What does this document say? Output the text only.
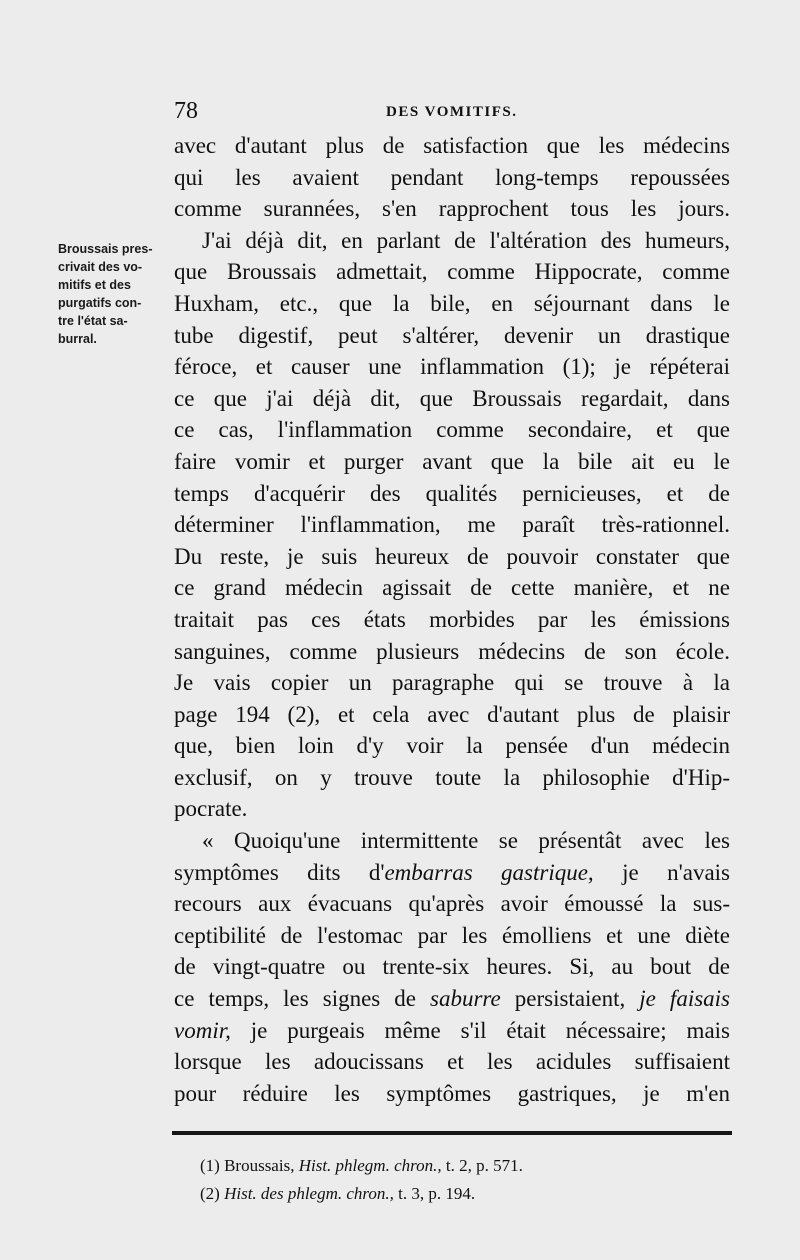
78	DES VOMITIFS.
Broussais pres-
crivait des vo-
mitifs et des
purgatifs con-
tre l'état sa-
burral.
avec d'autant plus de satisfaction que les médecins
qui les avaient pendant long-temps repoussées
comme surannées, s'en rapprochent tous les jours.
J'ai déjà dit, en parlant de l'altération des humeurs,
que Broussais admettait, comme Hippocrate, comme
Huxham, etc., que la bile, en séjournant dans le
tube digestif, peut s'altérer, devenir un drastique
féroce, et causer une inflammation (1); je répéterai
ce que j'ai déjà dit, que Broussais regardait, dans
ce cas, l'inflammation comme secondaire, et que
faire vomir et purger avant que la bile ait eu le
temps d'acquérir des qualités pernicieuses, et de
déterminer l'inflammation, me paraît très-rationnel.
Du reste, je suis heureux de pouvoir constater que
ce grand médecin agissait de cette manière, et ne
traitait pas ces états morbides par les émissions
sanguines, comme plusieurs médecins de son école.
Je vais copier un paragraphe qui se trouve à la
page 194 (2), et cela avec d'autant plus de plaisir
que, bien loin d'y voir la pensée d'un médecin
exclusif, on y trouve toute la philosophie d'Hip-
pocrate.
« Quoiqu'une intermittente se présentât avec les
symptômes dits d'embarras gastrique, je n'avais
recours aux évacuans qu'après avoir émoussé la sus-
ceptibilité de l'estomac par les émolliens et une diète
de vingt-quatre ou trente-six heures. Si, au bout de
ce temps, les signes de saburre persistaient, je faisais
vomir, je purgeais même s'il était nécessaire; mais
lorsque les adoucissans et les acidules suffisaient
pour réduire les symptômes gastriques, je m'en
(1) Broussais, Hist. phlegm. chron., t. 2, p. 571.
(2) Hist. des phlegm. chron., t. 3, p. 194.
